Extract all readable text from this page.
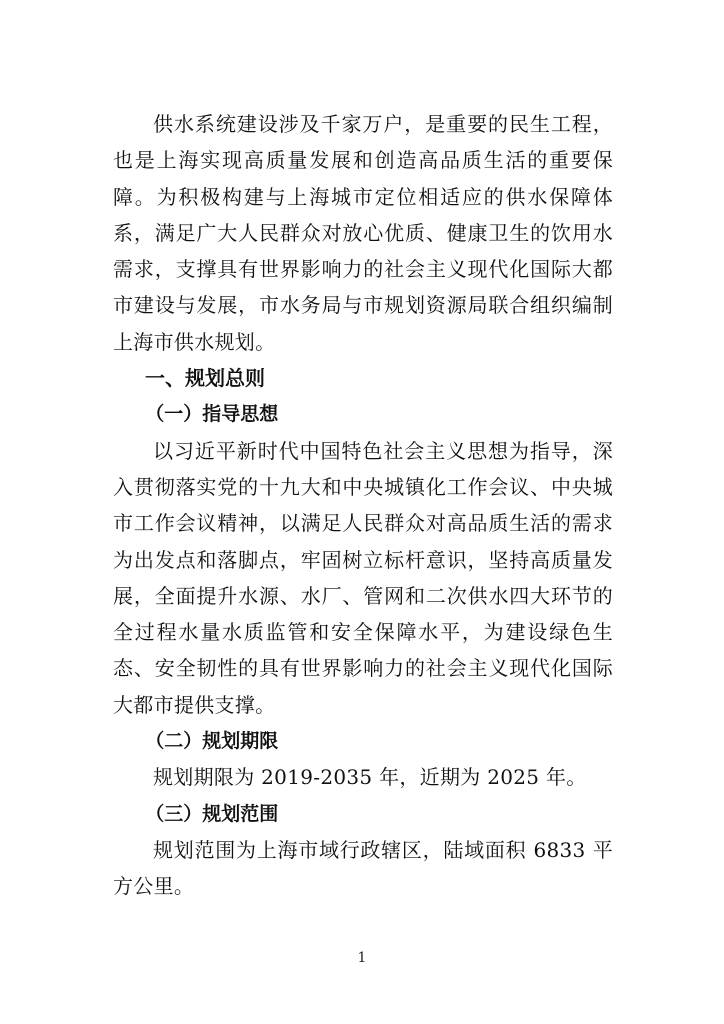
供水系统建设涉及千家万户，是重要的民生工程，也是上海实现高质量发展和创造高品质生活的重要保障。为积极构建与上海城市定位相适应的供水保障体系，满足广大人民群众对放心优质、健康卫生的饮用水需求，支撑具有世界影响力的社会主义现代化国际大都市建设与发展，市水务局与市规划资源局联合组织编制上海市供水规划。

一、规划总则
（一）指导思想

以习近平新时代中国特色社会主义思想为指导，深入贯彻落实党的十九大和中央城镇化工作会议、中央城市工作会议精神，以满足人民群众对高品质生活的需求为出发点和落脚点，牢固树立标杆意识，坚持高质量发展，全面提升水源、水厂、管网和二次供水四大环节的全过程水量水质监管和安全保障水平，为建设绿色生态、安全韧性的具有世界影响力的社会主义现代化国际大都市提供支撑。

（二）规划期限

规划期限为 2019-2035 年，近期为 2025 年。

（三）规划范围

规划范围为上海市域行政辖区，陆域面积 6833 平方公里。

1
